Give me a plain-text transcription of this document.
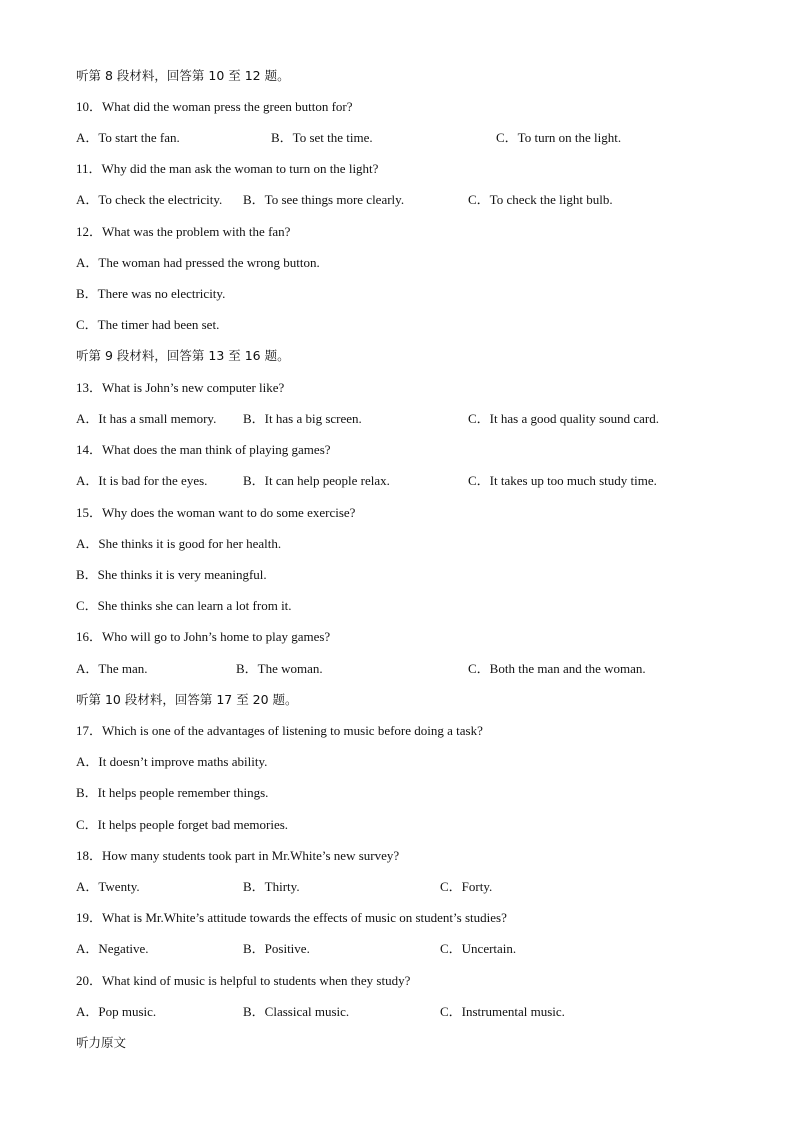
听第 8 段材料，回答第 10 至 12 题。
10．What did the woman press the green button for?
A．To start the fan.	B．To set the time.	C．To turn on the light.
11．Why did the man ask the woman to turn on the light?
A．To check the electricity. B．To see things more clearly.	C．To check the light bulb.
12．What was the problem with the fan?
A．The woman had pressed the wrong button.
B．There was no electricity.
C．The timer had been set.
听第 9 段材料，回答第 13 至 16 题。
13．What is John’s new computer like?
A．It has a small memory. B．It has a big screen.	C．It has a good quality sound card.
14．What does the man think of playing games?
A．It is bad for the eyes.	B．It can help people relax.	C．It takes up too much study time.
15．Why does the woman want to do some exercise?
A．She thinks it is good for her health.
B．She thinks it is very meaningful.
C．She thinks she can learn a lot from it.
16．Who will go to John’s home to play games?
A．The man.	B．The woman.	C．Both the man and the woman.
听第 10 段材料，回答第 17 至 20 题。
17．Which is one of the advantages of listening to music before doing a task?
A．It doesn’t improve maths ability.
B．It helps people remember things.
C．It helps people forget bad memories.
18．How many students took part in Mr.White’s new survey?
A．Twenty.	B．Thirty.	C．Forty.
19．What is Mr.White’s attitude towards the effects of music on student’s studies?
A．Negative.	B．Positive.	C．Uncertain.
20．What kind of music is helpful to students when they study?
A．Pop music.	B．Classical music.	C．Instrumental music.
听力原文
